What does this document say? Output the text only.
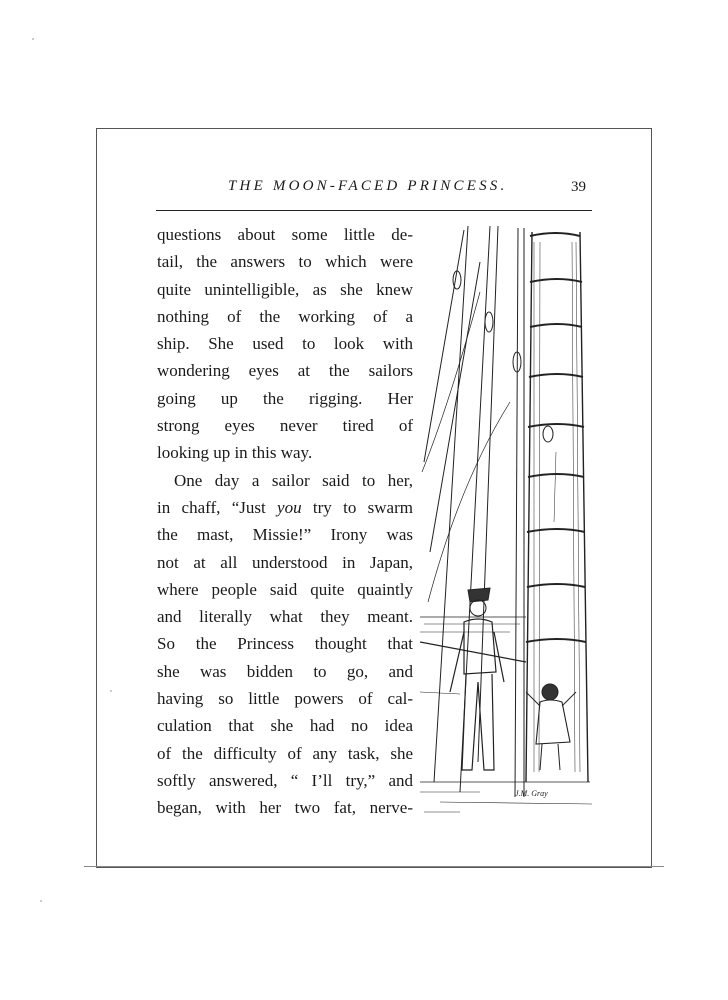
THE MOON-FACED PRINCESS.	39
questions about some little de-
tail, the answers to which were
quite unintelligible, as she knew
nothing of the working of a
ship. She used to look with
wondering eyes at the sailors
going up the rigging. Her
strong eyes never tired of
looking up in this way.
One day a sailor said to her,
in chaff, “Just you try to swarm
the mast, Missie!” Irony was
not at all understood in Japan,
where people said quite quaintly
and literally what they meant.
So the Princess thought that
she was bidden to go, and
having so little powers of cal-
culation that she had no idea
of the difficulty of any task, she
softly answered, “ I’ll try,” and
began, with her two fat, nerve-
J.M. Gray
